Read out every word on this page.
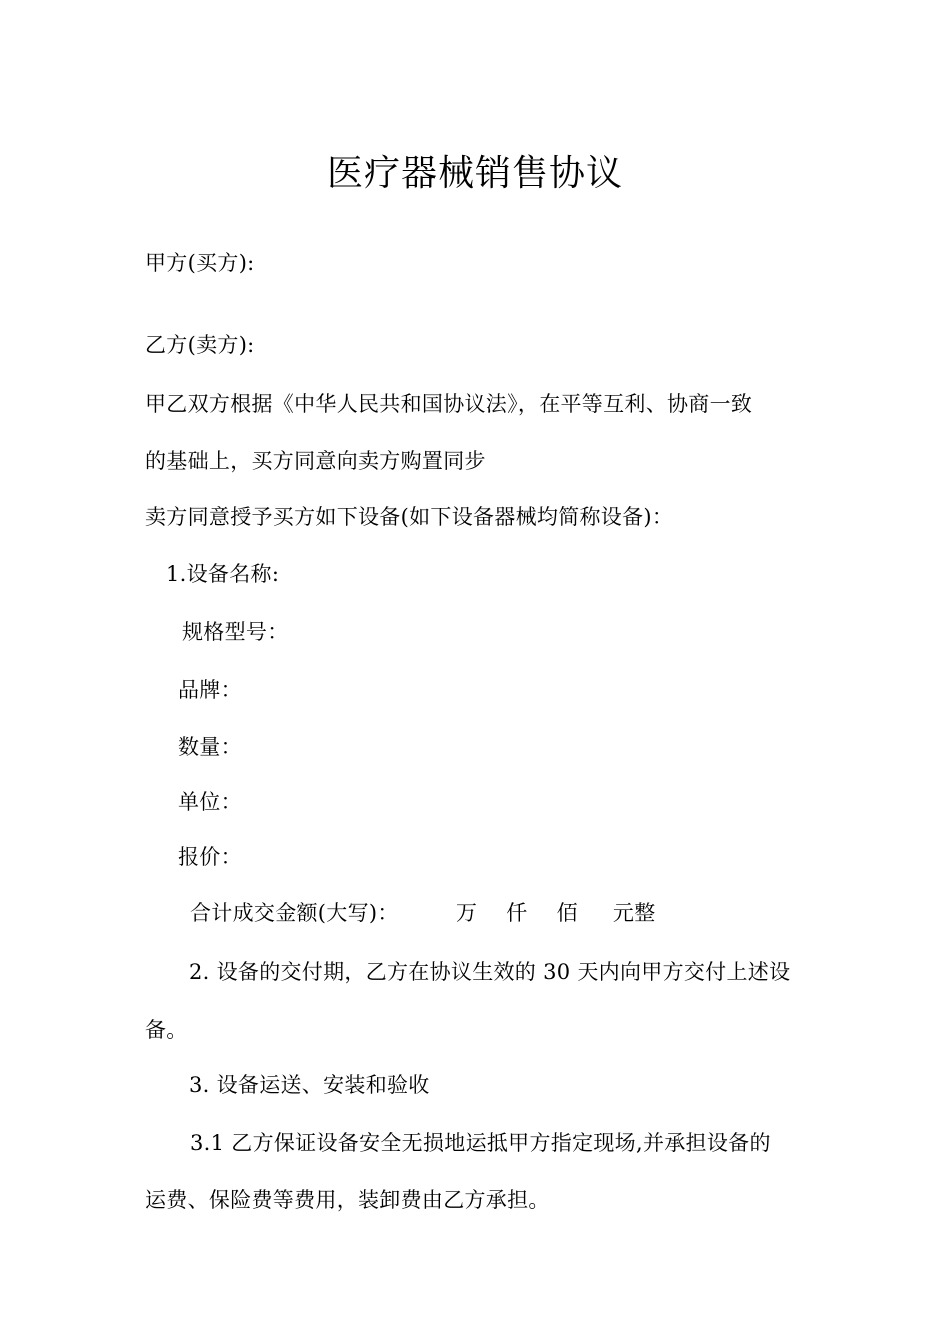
医疗器械销售协议
甲方(买方):
乙方(卖方):
甲乙双方根据《中华人民共和国协议法》，在平等互利、协商一致
的基础上，买方同意向卖方购置同步
卖方同意授予买方如下设备(如下设备器械均简称设备)：
1.设备名称:
规格型号：
品牌：
数量：
单位：
报价：
合计成交金额(大写)：	万 仟 佰 元整
2. 设备的交付期，乙方在协议生效的 30 天内向甲方交付上述设
备。
3. 设备运送、安装和验收
3.1 乙方保证设备安全无损地运抵甲方指定现场,并承担设备的
运费、保险费等费用，装卸费由乙方承担。
